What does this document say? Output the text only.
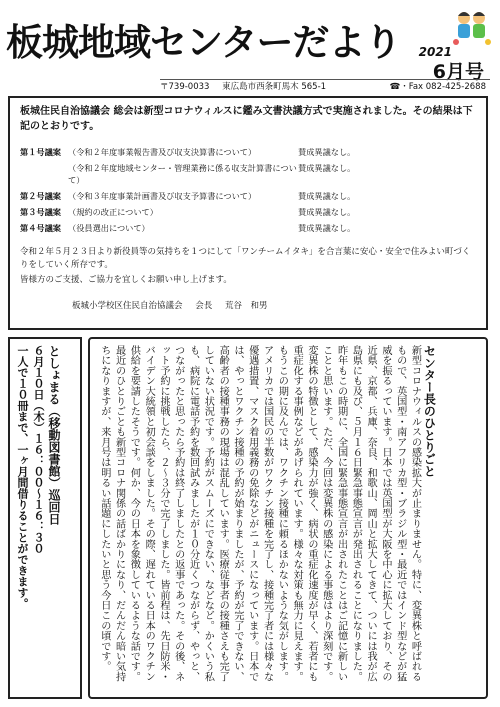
板城地域センターだより	2021
6月号
〒739-0033 東広島市西条町馬木 565-1	☎・Fax 082-425-2688

板城住民自治協議会 総会は新型コロナウィルスに鑑み文書決議方式で実施されました。その結果は下記のとおりです。

第１号議案 （令和２年度事業報告書及び収支決算書について）	賛成異議なし。
（令和２年度地域センター・管理業務に係る収支計算書について）
賛成異議なし。
第２号議案 （令和３年度事業計画書及び収支予算書について）	賛成異議なし。
第３号議案 （規約の改正について）	賛成異議なし。
第４号議案 （役員選出について）	賛成異議なし。
令和２年５月２３日より新役員等の気持ちを１つにして「ワンチームイタキ」を合言葉に安心・安全で住みよい町づくりをしていく所存です。
皆様方のご支援、ご協力を宜しくお願い申し上げます。
板城小学校区住民自治協議会 会長 荒谷　和男
センター長のひとりごと
新型コロナウィルスの感染拡大が止まりません。特に、変異株と呼ばれるもので、英国型・南アフリカ型・ブラジル型・最近ではインド型などが猛威を振るっています。日本では英国型が大阪を中心に拡大しており、その近県、京都、兵庫、奈良、和歌山、岡山と拡大してきて、ついには我が広島県にも及び、５月１６日緊急事態宣言が発出されることになりました。昨年もこの時期に、全国に緊急事態宣言が出されたことはご記憶に新しいことと思います。ただ、今回は変異株の感染による事態はより深刻です。変異株の特徴として、感染力が強く、病状の重症化速度が早く、若者にも重症化する事例などがあげられています。様々な対策も無力に見えます。もうこの期に及んでは、ワクチン接種に頼るほかないような気がします。アメリカでは国民の半数がワクチン接種を完了し、接種完了者には様々な優遇措置、マスク着用義務の免除などがニュースになっています。日本では、やっとワクチン接種の予約が始まりましたが、予約が完了できない、高齢者の接種事務の現場は混乱しています。医療従事者の接種さえも完了していない状況です。予約がスムーズにできない、などなど。かくいう私も、病院に電話予約を数回試みましたが１０分近くつながらず、やっと、つながったと思ったら予約は終了しましたとの返事であった。その後、ネット予約に挑戦したら、２〜３分で完了しました。皆前程は、先日防米・バイデン大統領と初会談をしました。その際、遅れている日本のワクチン供給を要請したそうです。何か、今の日本を象徴しているような話です。最近のひとりごとも新型コロナ関係の話ばかりになり、だんだん暗い気持ちになりますが、来月号は明るい話題にしたいと思う今日この頃です。
としょまる（移動図書館）巡回日
６月１０日（木）１６：００〜１６：３０
一人で１０冊まで、一ヶ月間借りることができます。
